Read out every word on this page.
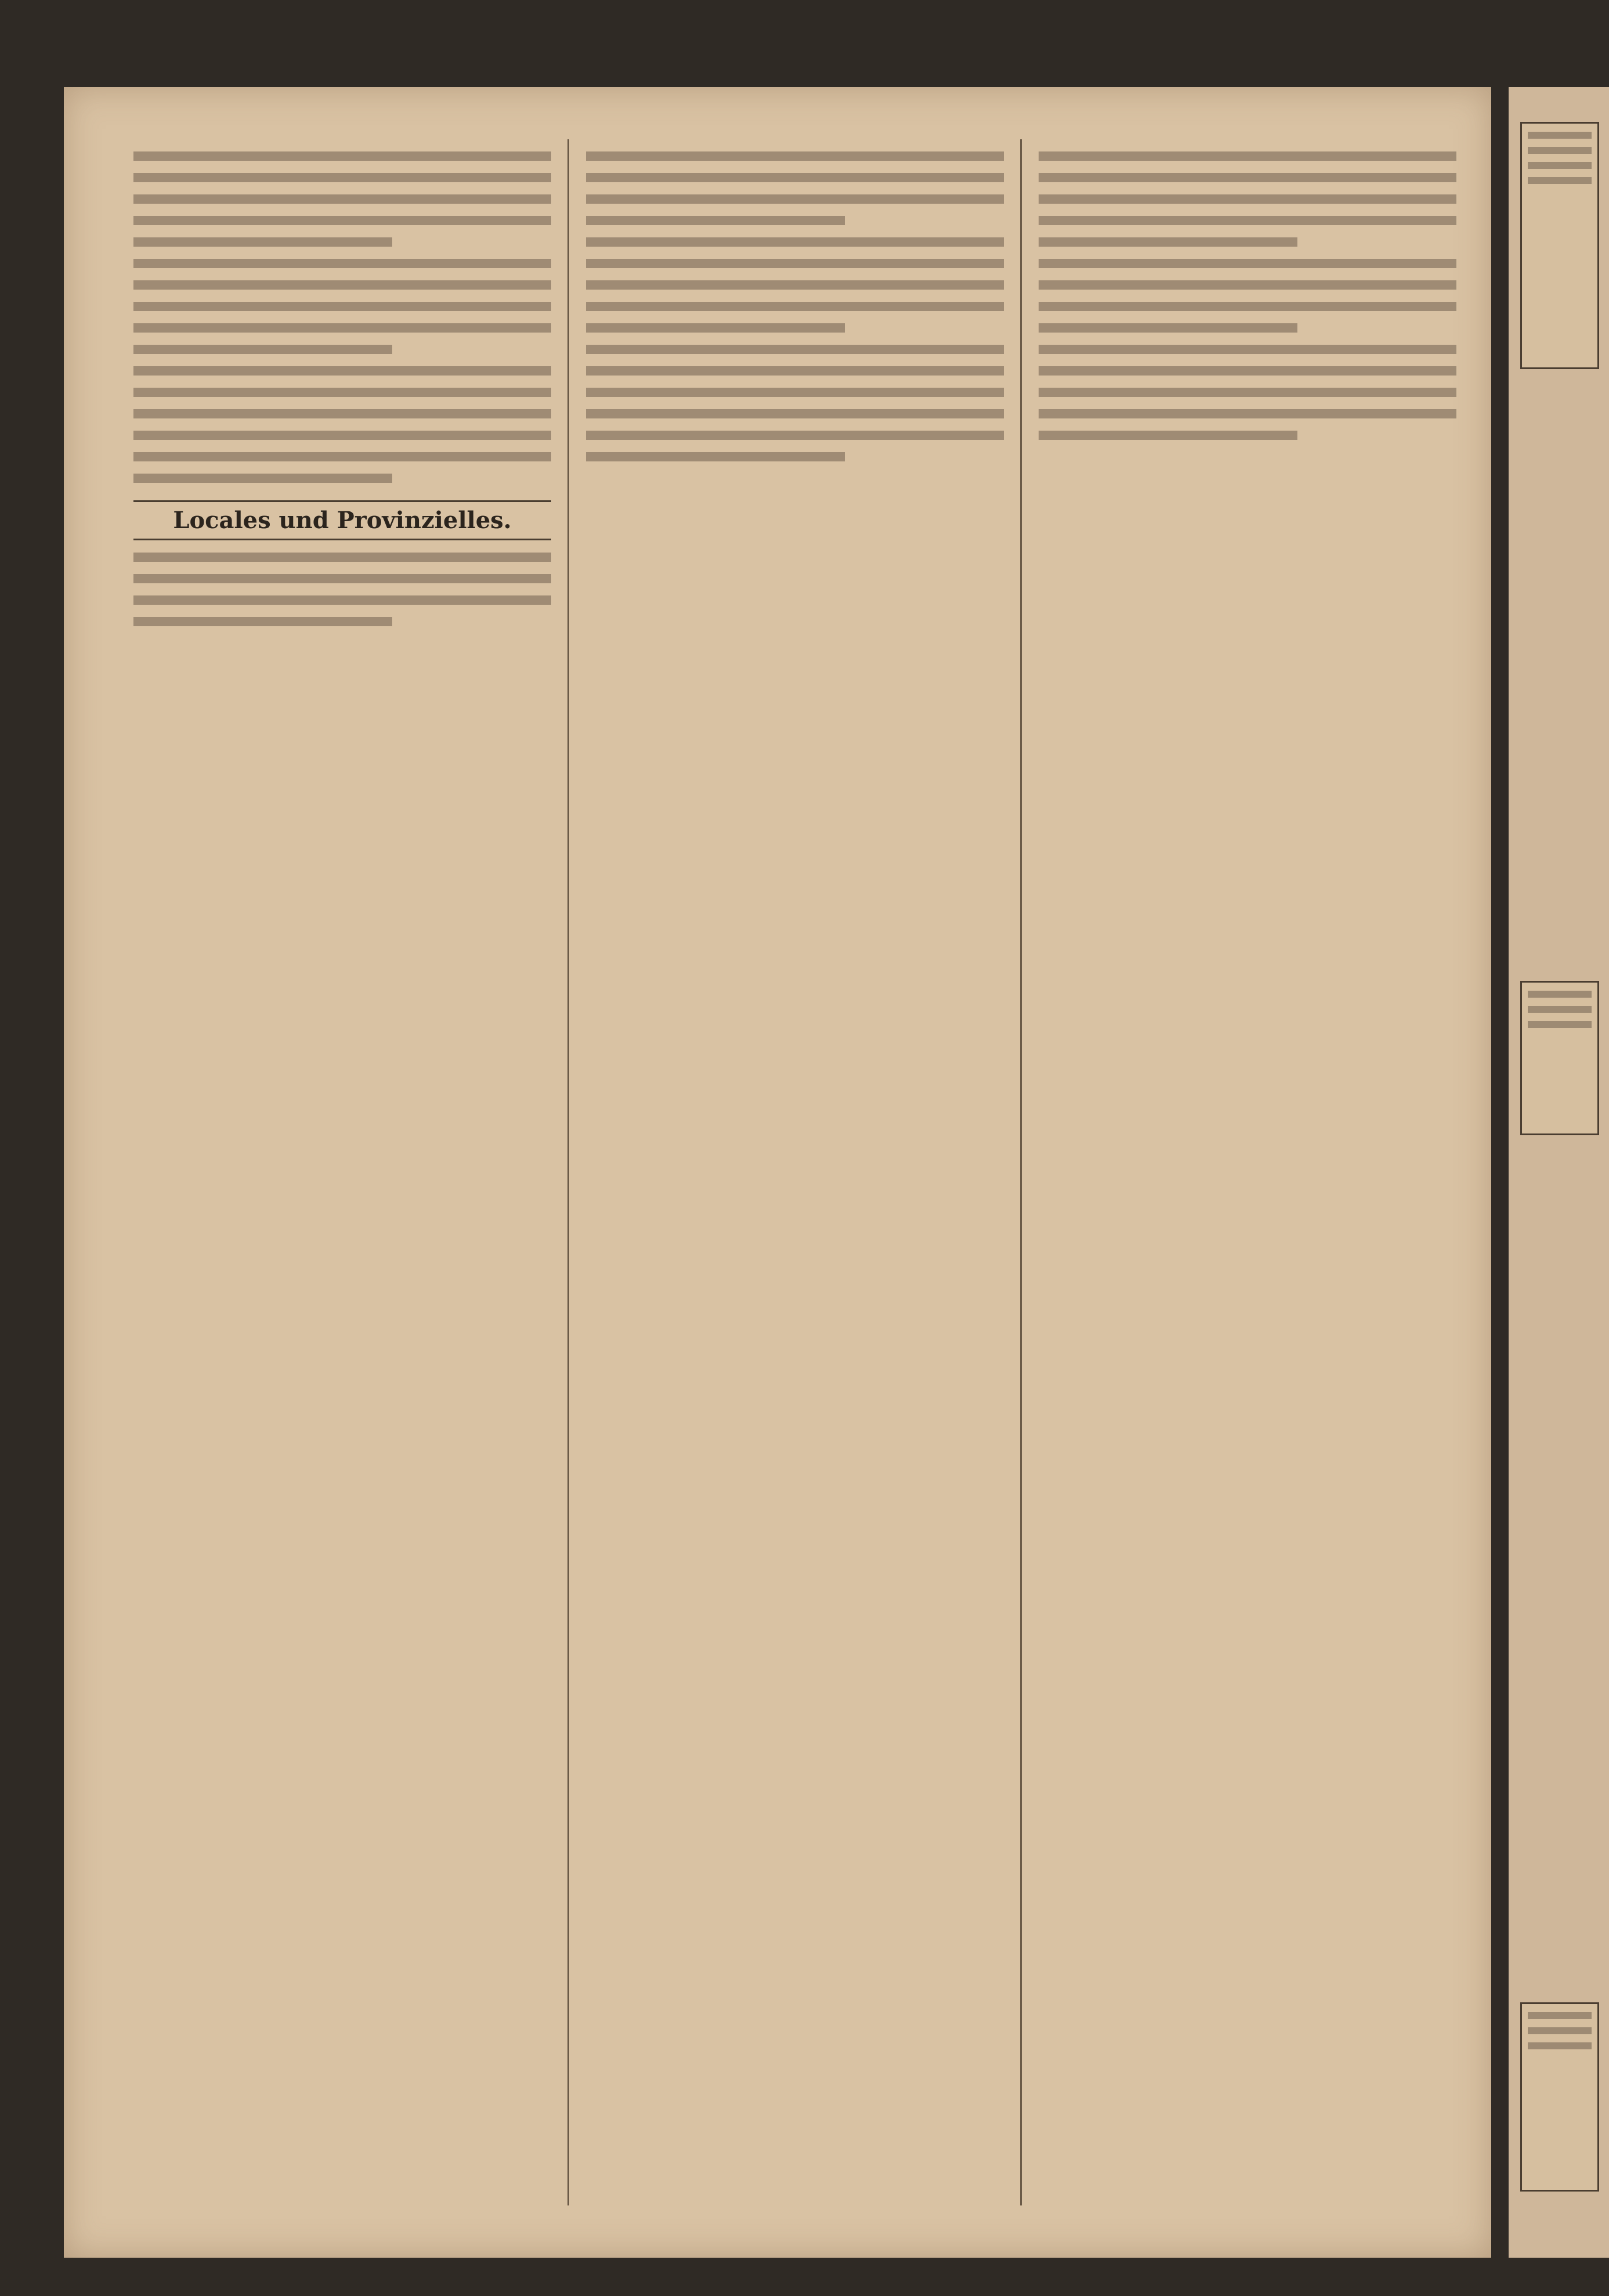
Locales und Provinzielles.
